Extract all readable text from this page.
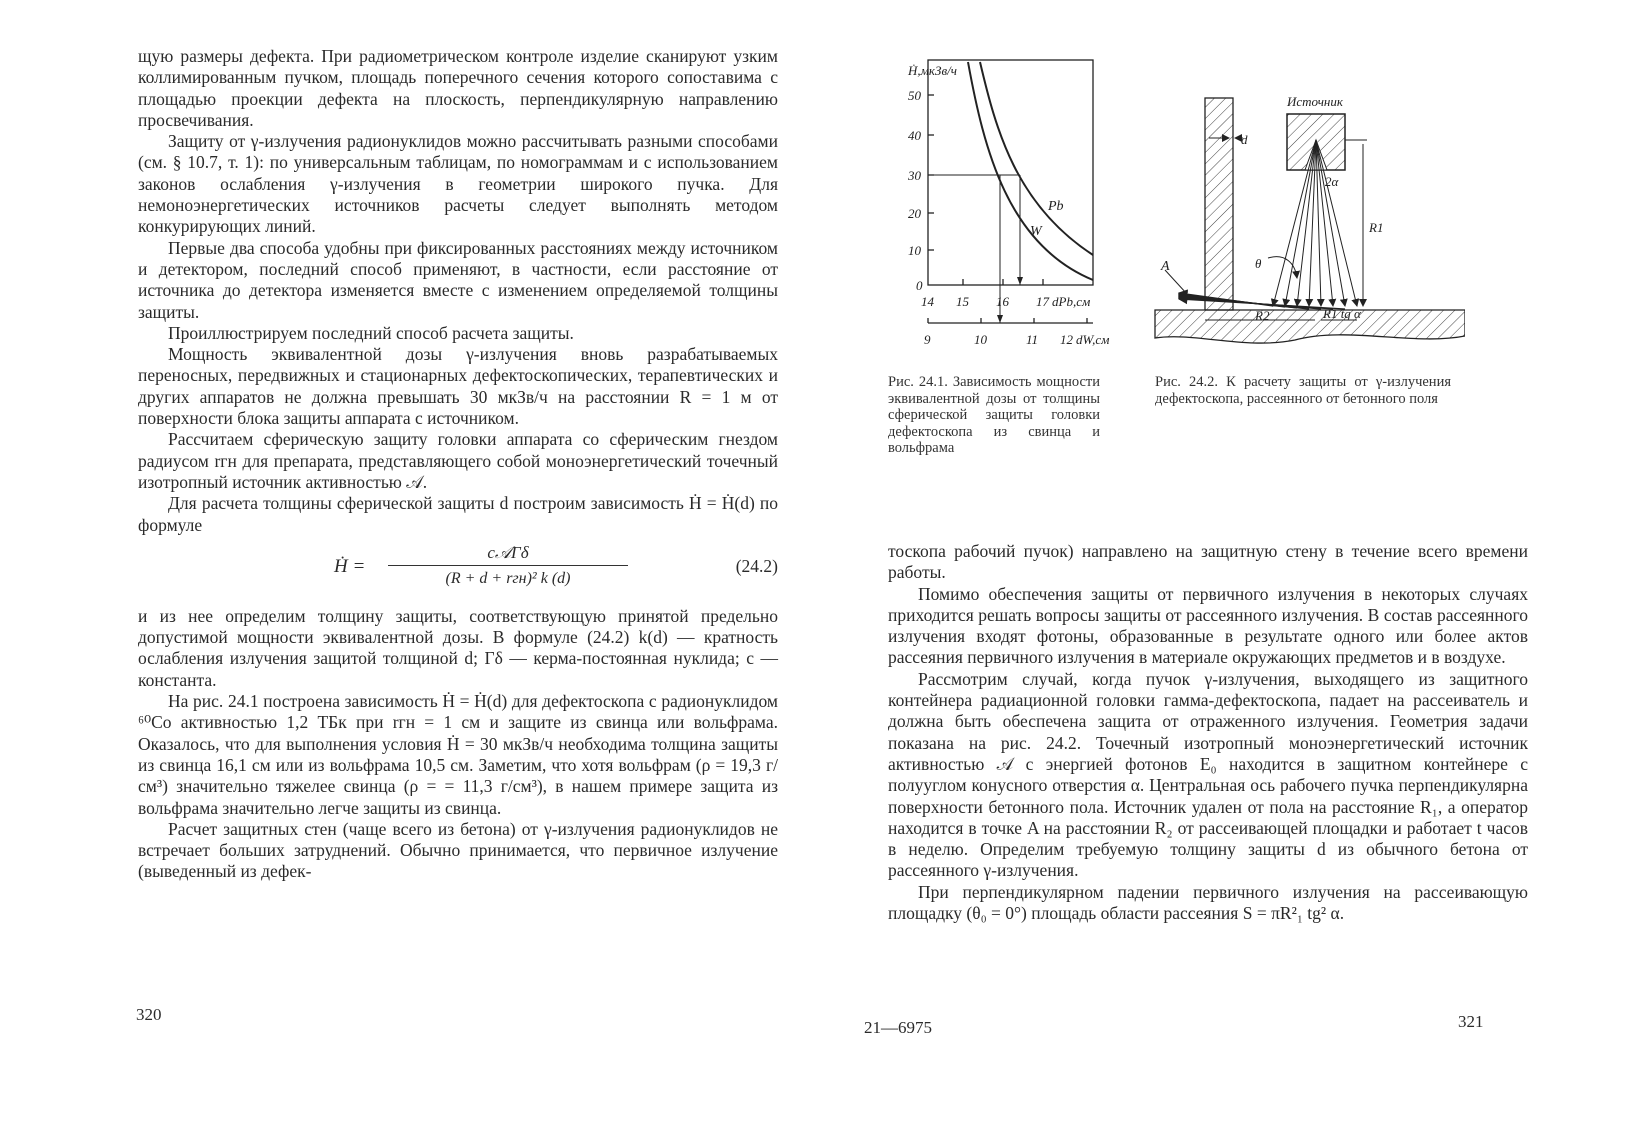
щую размеры дефекта. При радиометрическом контроле изделие сканируют узким коллимированным пучком, площадь поперечного сечения которого сопоставима с площадью проекции дефекта на плоскость, перпендикулярную направлению просвечивания.

Защиту от γ-излучения радионуклидов можно рассчитывать разными способами (см. § 10.7, т. 1): по универсальным таблицам, по номограммам и с использованием законов ослабления γ-излучения в геометрии широкого пучка. Для немоноэнергетических источников расчеты следует выполнять методом конкурирующих линий.

Первые два способа удобны при фиксированных расстояниях между источником и детектором, последний способ применяют, в частности, если расстояние от источника до детектора изменяется вместе с изменением определяемой толщины защиты.

Проиллюстрируем последний способ расчета защиты.

Мощность эквивалентной дозы γ-излучения вновь разрабатываемых переносных, передвижных и стационарных дефектоскопических, терапевтических и других аппаратов не должна превышать 30 мкЗв/ч на расстоянии R = 1 м от поверхности блока защиты аппарата с источником.

Рассчитаем сферическую защиту головки аппарата со сферическим гнездом радиусом rгн для препарата, представляющего собой моноэнергетический точечный изотропный источник активностью 𝒜.

Для расчета толщины сферической защиты d построим зависимость Ḣ = Ḣ(d) по формуле

Ḣ =
c𝒜Γδ
(R + d + rгн)² k (d)
(24.2)

и из нее определим толщину защиты, соответствующую принятой предельно допустимой мощности эквивалентной дозы. В формуле (24.2) k(d) — кратность ослабления излучения защитой толщиной d; Γδ — керма-постоянная нуклида; c — константа.

На рис. 24.1 построена зависимость Ḣ = Ḣ(d) для дефектоскопа с радионуклидом ⁶⁰Co активностью 1,2 ТБк при rгн = 1 см и защите из свинца или вольфрама. Оказалось, что для выполнения условия Ḣ = 30 мкЗв/ч необходима толщина защиты из свинца 16,1 см или из вольфрама 10,5 см. Заметим, что хотя вольфрам (ρ = 19,3 г/см³) значительно тяжелее свинца (ρ = = 11,3 г/см³), в нашем примере защита из вольфрама значительно легче защиты из свинца.

Расчет защитных стен (чаще всего из бетона) от γ-излучения радионуклидов не встречает больших затруднений. Обычно принимается, что первичное излучение (выведенный из дефек-

320
Ḣ,мкЗв/ч
50
40
30
20
10
0
14 15 16 17 dPb,см
9	10	11 12 dW,см
Pb
W
Рис. 24.1. Зависимость мощности эквивалентной дозы от толщины сферической защиты головки дефектоскопа из свинца и вольфрама
Источник
d
2α
R1
θ
A
R2	R1 tg α
Рис. 24.2. К расчету защиты от γ-излучения дефектоскопа, рассеянного от бетонного поля

тоскопа рабочий пучок) направлено на защитную стену в течение всего времени работы.

Помимо обеспечения защиты от первичного излучения в некоторых случаях приходится решать вопросы защиты от рассеянного излучения. В состав рассеянного излучения входят фотоны, образованные в результате одного или более актов рассеяния первичного излучения в материале окружающих предметов и в воздухе.

Рассмотрим случай, когда пучок γ-излучения, выходящего из защитного контейнера радиационной головки гамма-дефектоскопа, падает на рассеиватель и должна быть обеспечена защита от отраженного излучения. Геометрия задачи показана на рис. 24.2. Точечный изотропный моноэнергетический источник активностью 𝒜 с энергией фотонов E₀ находится в защитном контейнере с полууглом конусного отверстия α. Центральная ось рабочего пучка перпендикулярна поверхности бетонного пола. Источник удален от пола на расстояние R₁, а оператор находится в точке A на расстоянии R₂ от рассеивающей площадки и работает t часов в неделю. Определим требуемую толщину защиты d из обычного бетона от рассеянного γ-излучения.

При перпендикулярном падении первичного излучения на рассеивающую площадку (θ₀ = 0°) площадь области рассеяния S = πR²₁ tg² α.

21—6975	321
